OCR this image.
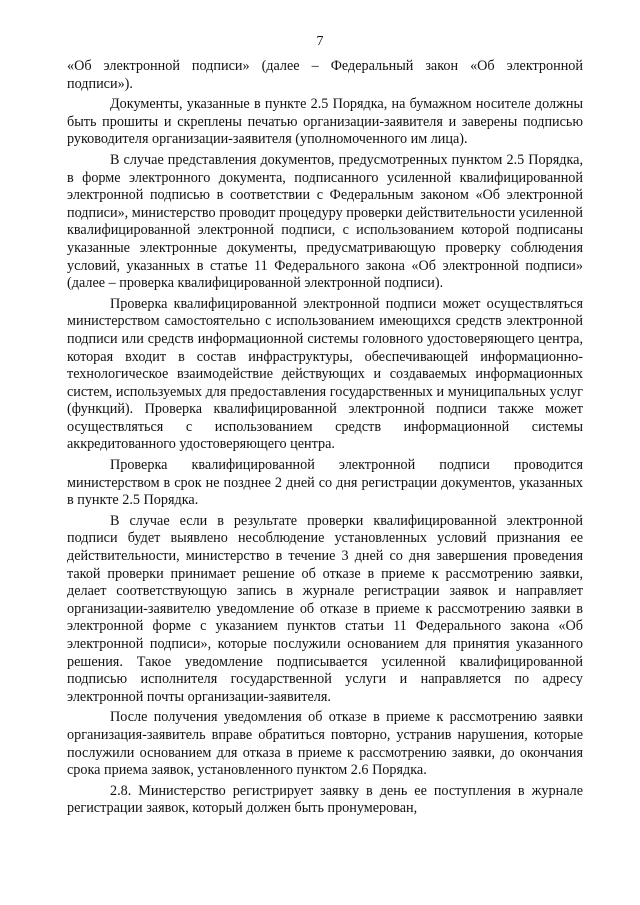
7

«Об электронной подписи» (далее – Федеральный закон «Об электронной подписи»).

Документы, указанные в пункте 2.5 Порядка, на бумажном носителе должны быть прошиты и скреплены печатью организации-заявителя и заверены подписью руководителя организации-заявителя (уполномоченного им лица).

В случае представления документов, предусмотренных пунктом 2.5 Порядка, в форме электронного документа, подписанного усиленной квалифицированной электронной подписью в соответствии с Федеральным законом «Об электронной подписи», министерство проводит процедуру проверки действительности усиленной квалифицированной электронной подписи, с использованием которой подписаны указанные электронные документы, предусматривающую проверку соблюдения условий, указанных в статье 11 Федерального закона «Об электронной подписи» (далее – проверка квалифицированной электронной подписи).

Проверка квалифицированной электронной подписи может осуществляться министерством самостоятельно с использованием имеющихся средств электронной подписи или средств информационной системы головного удостоверяющего центра, которая входит в состав инфраструктуры, обеспечивающей информационно-технологическое взаимодействие действующих и создаваемых информационных систем, используемых для предоставления государственных и муниципальных услуг (функций). Проверка квалифицированной электронной подписи также может осуществляться с использованием средств информационной системы аккредитованного удостоверяющего центра.

Проверка квалифицированной электронной подписи проводится министерством в срок не позднее 2 дней со дня регистрации документов, указанных в пункте 2.5 Порядка.

В случае если в результате проверки квалифицированной электронной подписи будет выявлено несоблюдение установленных условий признания ее действительности, министерство в течение 3 дней со дня завершения проведения такой проверки принимает решение об отказе в приеме к рассмотрению заявки, делает соответствующую запись в журнале регистрации заявок и направляет организации-заявителю уведомление об отказе в приеме к рассмотрению заявки в электронной форме с указанием пунктов статьи 11 Федерального закона «Об электронной подписи», которые послужили основанием для принятия указанного решения. Такое уведомление подписывается усиленной квалифицированной подписью исполнителя государственной услуги и направляется по адресу электронной почты организации-заявителя.

После получения уведомления об отказе в приеме к рассмотрению заявки организация-заявитель вправе обратиться повторно, устранив нарушения, которые послужили основанием для отказа в приеме к рассмотрению заявки, до окончания срока приема заявок, установленного пунктом 2.6 Порядка.

2.8. Министерство регистрирует заявку в день ее поступления в журнале регистрации заявок, который должен быть пронумерован,
